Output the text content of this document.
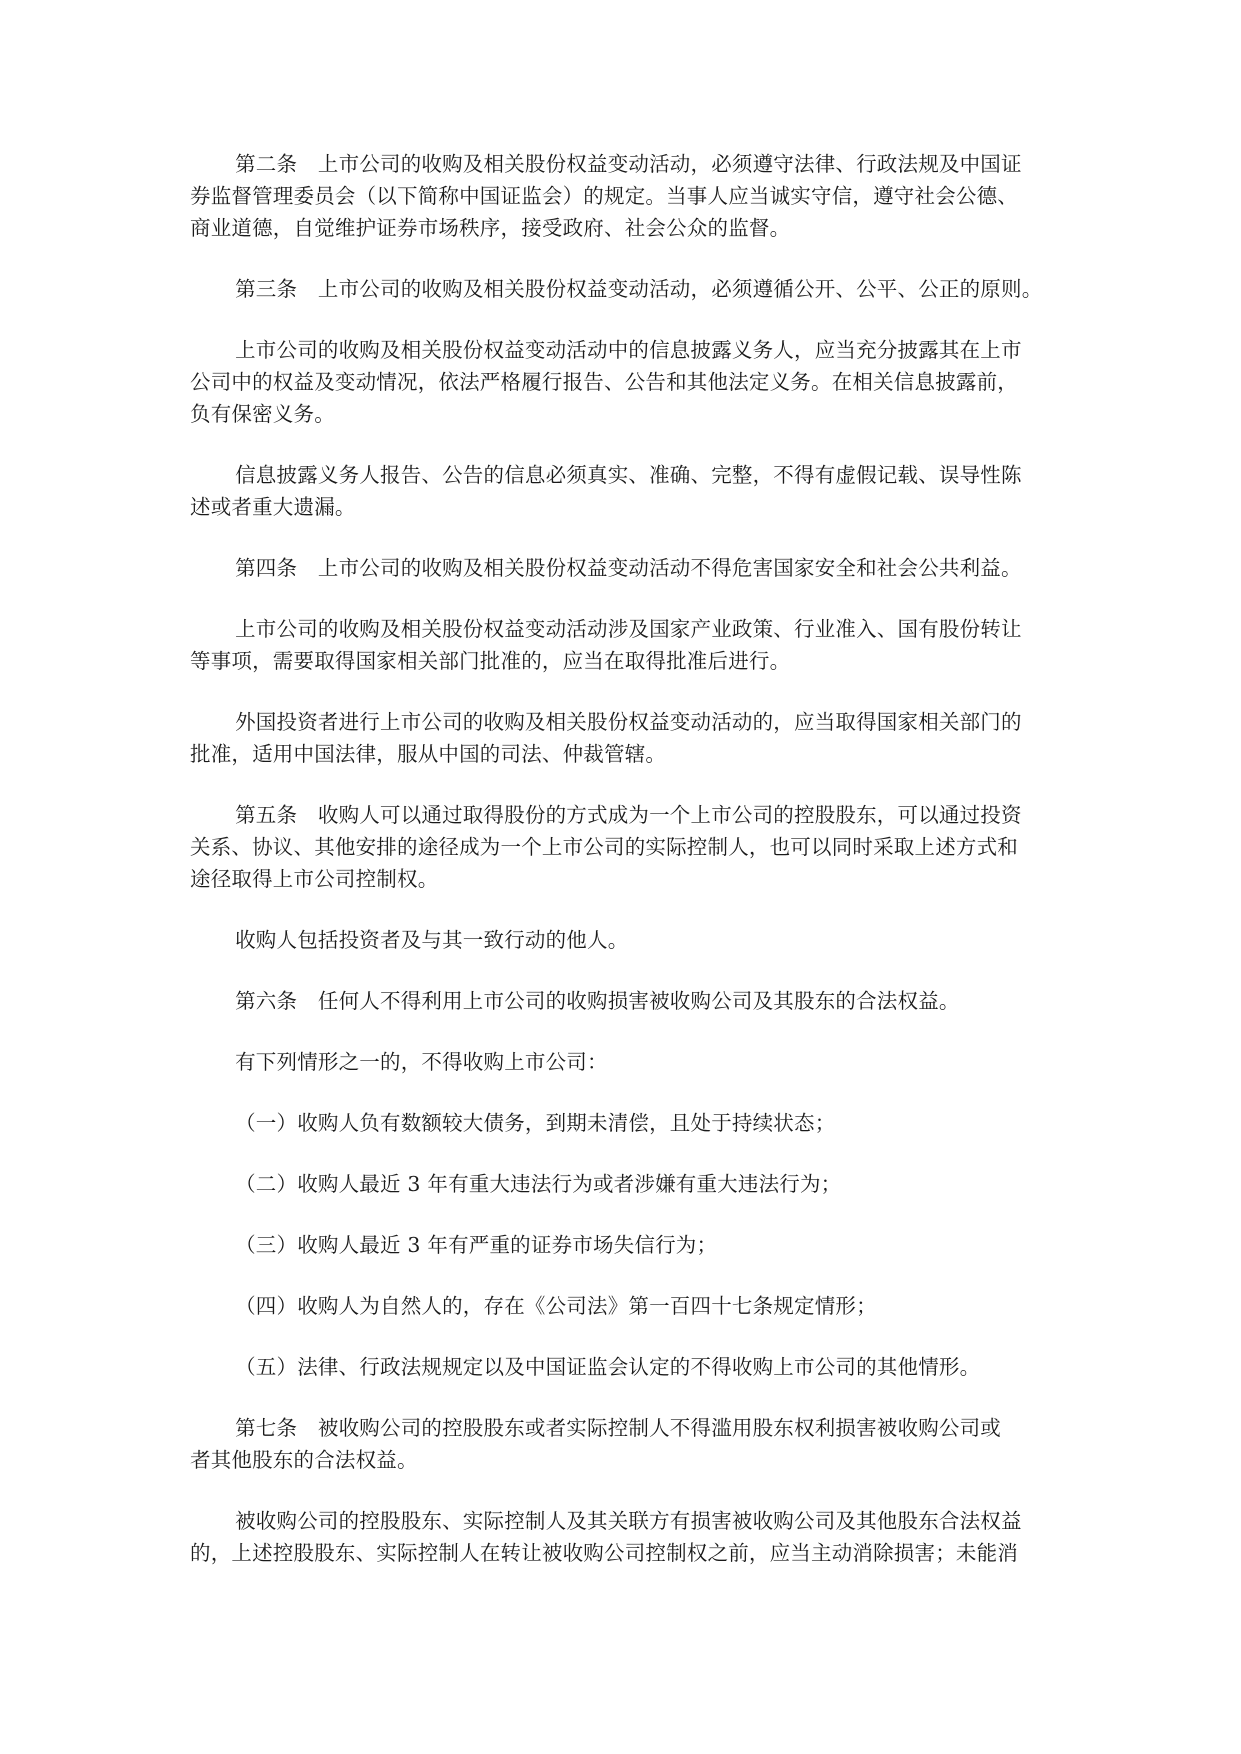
第二条　上市公司的收购及相关股份权益变动活动，必须遵守法律、行政法规及中国证
券监督管理委员会（以下简称中国证监会）的规定。当事人应当诚实守信，遵守社会公德、
商业道德，自觉维护证券市场秩序，接受政府、社会公众的监督。

第三条　上市公司的收购及相关股份权益变动活动，必须遵循公开、公平、公正的原则。

上市公司的收购及相关股份权益变动活动中的信息披露义务人，应当充分披露其在上市
公司中的权益及变动情况，依法严格履行报告、公告和其他法定义务。在相关信息披露前，
负有保密义务。

信息披露义务人报告、公告的信息必须真实、准确、完整，不得有虚假记载、误导性陈
述或者重大遗漏。

第四条　上市公司的收购及相关股份权益变动活动不得危害国家安全和社会公共利益。

上市公司的收购及相关股份权益变动活动涉及国家产业政策、行业准入、国有股份转让
等事项，需要取得国家相关部门批准的，应当在取得批准后进行。

外国投资者进行上市公司的收购及相关股份权益变动活动的，应当取得国家相关部门的
批准，适用中国法律，服从中国的司法、仲裁管辖。

第五条　收购人可以通过取得股份的方式成为一个上市公司的控股股东，可以通过投资
关系、协议、其他安排的途径成为一个上市公司的实际控制人，也可以同时采取上述方式和
途径取得上市公司控制权。

收购人包括投资者及与其一致行动的他人。

第六条　任何人不得利用上市公司的收购损害被收购公司及其股东的合法权益。

有下列情形之一的，不得收购上市公司：

（一）收购人负有数额较大债务，到期未清偿，且处于持续状态；

（二）收购人最近 3 年有重大违法行为或者涉嫌有重大违法行为；

（三）收购人最近 3 年有严重的证券市场失信行为；

（四）收购人为自然人的，存在《公司法》第一百四十七条规定情形；

（五）法律、行政法规规定以及中国证监会认定的不得收购上市公司的其他情形。

第七条　被收购公司的控股股东或者实际控制人不得滥用股东权利损害被收购公司或
者其他股东的合法权益。

被收购公司的控股股东、实际控制人及其关联方有损害被收购公司及其他股东合法权益
的，上述控股股东、实际控制人在转让被收购公司控制权之前，应当主动消除损害；未能消
